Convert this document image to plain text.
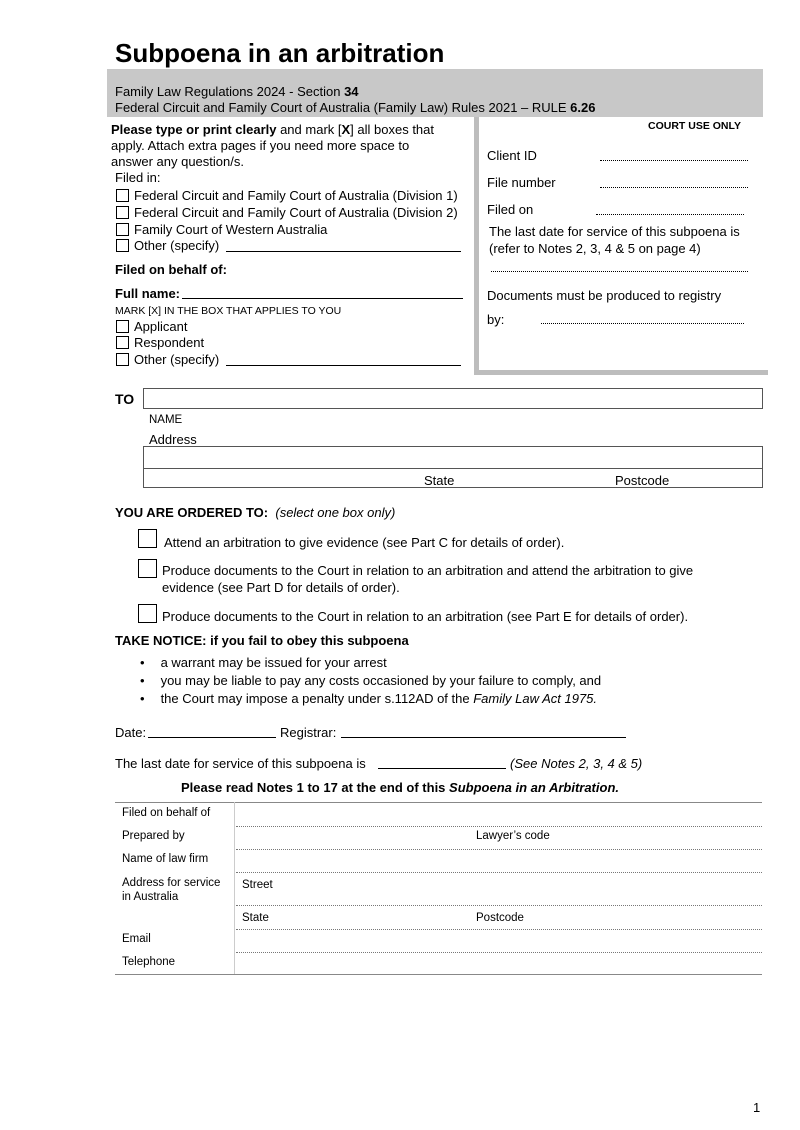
Subpoena in an arbitration
Family Law Regulations 2024 - Section 34
Federal Circuit and Family Court of Australia (Family Law) Rules 2021 – RULE 6.26
Please type or print clearly and mark [X] all boxes that
apply. Attach extra pages if you need more space to
answer any question/s.
Filed in:
Federal Circuit and Family Court of Australia (Division 1)
Federal Circuit and Family Court of Australia (Division 2)
Family Court of Western Australia
Other (specify)
Filed on behalf of:
Full name:
MARK [X] IN THE BOX THAT APPLIES TO YOU
Applicant
Respondent
Other (specify)
COURT USE ONLY
Client ID
File number
Filed on
The last date for service of this subpoena is
(refer to Notes 2, 3, 4 & 5 on page 4)
Documents must be produced to registry
by:
TO
NAME
Address
State	Postcode
YOU ARE ORDERED TO: (select one box only)
Attend an arbitration to give evidence (see Part C for details of order).
Produce documents to the Court in relation to an arbitration and attend the arbitration to give
evidence (see Part D for details of order).
Produce documents to the Court in relation to an arbitration (see Part E for details of order).
TAKE NOTICE: if you fail to obey this subpoena
• a warrant may be issued for your arrest
• you may be liable to pay any costs occasioned by your failure to comply, and
• the Court may impose a penalty under s.112AD of the Family Law Act 1975.
Date:	Registrar:
The last date for service of this subpoena is	(See Notes 2, 3, 4 & 5)
Please read Notes 1 to 17 at the end of this Subpoena in an Arbitration.
Filed on behalf of
Prepared by	Lawyer’s code
Name of law firm
Address for service
in Australia
Street
State	Postcode
Email
Telephone
1
